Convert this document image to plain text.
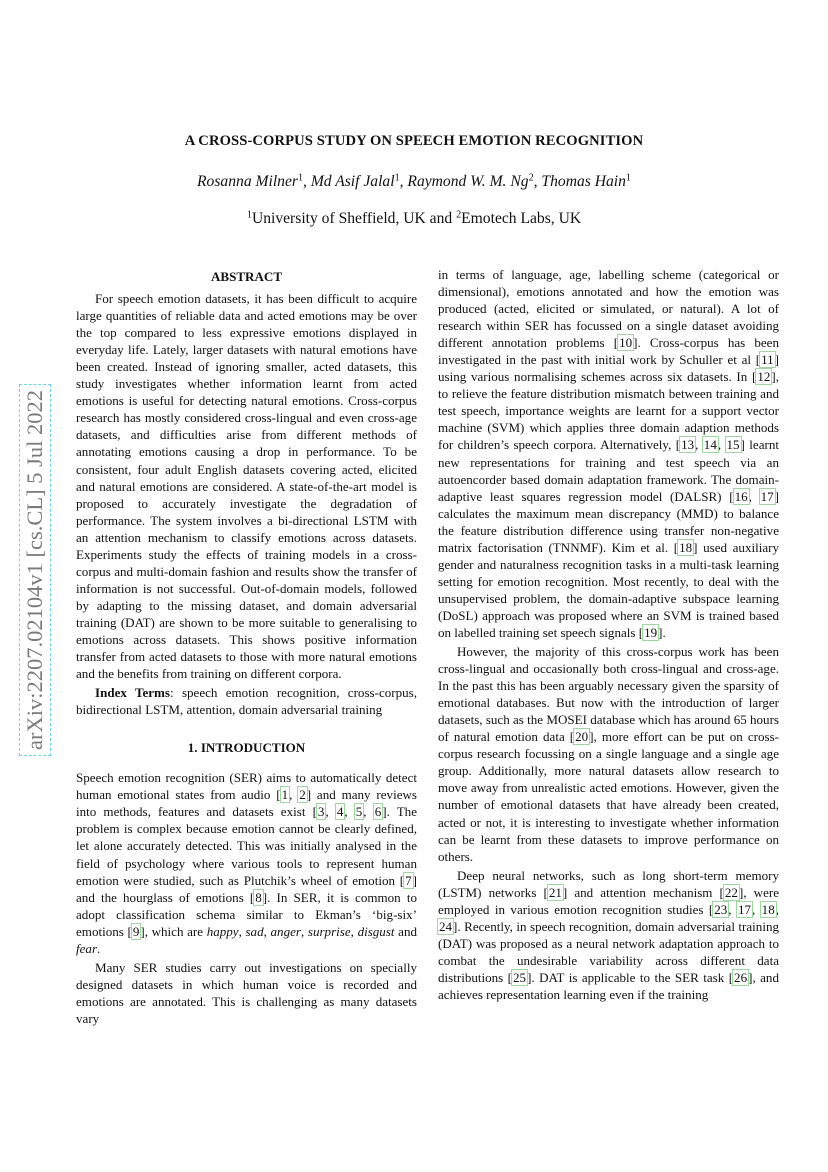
arXiv:2207.02104v1 [cs.CL] 5 Jul 2022
A CROSS-CORPUS STUDY ON SPEECH EMOTION RECOGNITION
Rosanna Milner$^1$, Md Asif Jalal$^1$, Raymond W. M. Ng$^2$, Thomas Hain$^1$
$^1$University of Sheffield, UK and $^2$Emotech Labs, UK
ABSTRACT

For speech emotion datasets, it has been difficult to acquire large quantities of reliable data and acted emotions may be over the top compared to less expressive emotions displayed in everyday life. Lately, larger datasets with natural emotions have been created. Instead of ignoring smaller, acted datasets, this study investigates whether information learnt from acted emotions is useful for detecting natural emotions. Cross-corpus research has mostly considered cross-lingual and even cross-age datasets, and difficulties arise from different methods of annotating emotions causing a drop in performance. To be consistent, four adult English datasets covering acted, elicited and natural emotions are considered. A state-of-the-art model is proposed to accurately investigate the degradation of performance. The system involves a bi-directional LSTM with an attention mechanism to classify emotions across datasets. Experiments study the effects of training models in a cross-corpus and multi-domain fashion and results show the transfer of information is not successful. Out-of-domain models, followed by adapting to the missing dataset, and domain adversarial training (DAT) are shown to be more suitable to generalising to emotions across datasets. This shows positive information transfer from acted datasets to those with more natural emotions and the benefits from training on different corpora.

Index Terms: speech emotion recognition, cross-corpus, bidirectional LSTM, attention, domain adversarial training

1. INTRODUCTION

Speech emotion recognition (SER) aims to automatically detect human emotional states from audio [1, 2] and many reviews into methods, features and datasets exist [3, 4, 5, 6]. The problem is complex because emotion cannot be clearly defined, let alone accurately detected. This was initially analysed in the field of psychology where various tools to represent human emotion were studied, such as Plutchik’s wheel of emotion [7] and the hourglass of emotions [8]. In SER, it is common to adopt classification schema similar to Ekman’s ‘big-six’ emotions [9], which are happy, sad, anger, surprise, disgust and fear.

Many SER studies carry out investigations on specially designed datasets in which human voice is recorded and emotions are annotated. This is challenging as many datasets vary

in terms of language, age, labelling scheme (categorical or dimensional), emotions annotated and how the emotion was produced (acted, elicited or simulated, or natural). A lot of research within SER has focussed on a single dataset avoiding different annotation problems [10]. Cross-corpus has been investigated in the past with initial work by Schuller et al [11] using various normalising schemes across six datasets. In [12], to relieve the feature distribution mismatch between training and test speech, importance weights are learnt for a support vector machine (SVM) which applies three domain adaption methods for children’s speech corpora. Alternatively, [13, 14, 15] learnt new representations for training and test speech via an autoencorder based domain adaptation framework. The domain-adaptive least squares regression model (DALSR) [16, 17] calculates the maximum mean discrepancy (MMD) to balance the feature distribution difference using transfer non-negative matrix factorisation (TNNMF). Kim et al. [18] used auxiliary gender and naturalness recognition tasks in a multi-task learning setting for emotion recognition. Most recently, to deal with the unsupervised problem, the domain-adaptive subspace learning (DoSL) approach was proposed where an SVM is trained based on labelled training set speech signals [19].

However, the majority of this cross-corpus work has been cross-lingual and occasionally both cross-lingual and cross-age. In the past this has been arguably necessary given the sparsity of emotional databases. But now with the introduction of larger datasets, such as the MOSEI database which has around 65 hours of natural emotion data [20], more effort can be put on cross-corpus research focussing on a single language and a single age group. Additionally, more natural datasets allow research to move away from unrealistic acted emotions. However, given the number of emotional datasets that have already been created, acted or not, it is interesting to investigate whether information can be learnt from these datasets to improve performance on others.

Deep neural networks, such as long short-term memory (LSTM) networks [21] and attention mechanism [22], were employed in various emotion recognition studies [23, 17, 18, 24]. Recently, in speech recognition, domain adversarial training (DAT) was proposed as a neural network adaptation approach to combat the undesirable variability across different data distributions [25]. DAT is applicable to the SER task [26], and achieves representation learning even if the training
